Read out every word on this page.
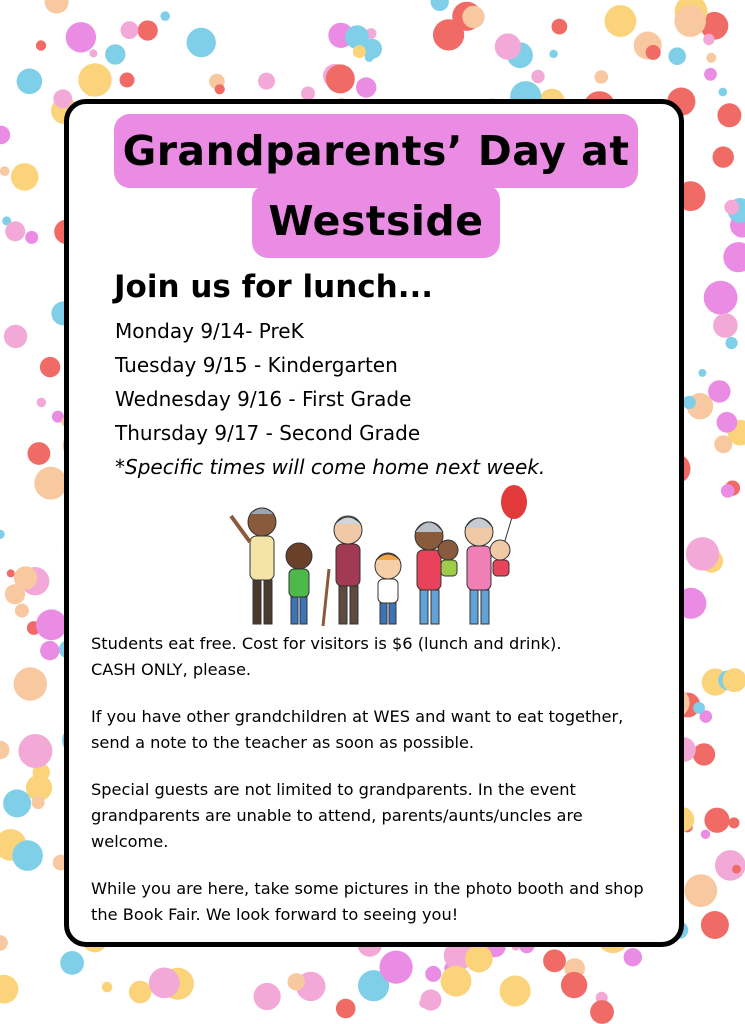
Grandparents’ Day at
Westside
Join us for lunch...
Monday 9/14- PreK
Tuesday 9/15 - Kindergarten
Wednesday 9/16 - First Grade
Thursday 9/17 - Second Grade
*Specific times will come home next week.
Students eat free. Cost for visitors is $6 (lunch and drink).
CASH ONLY, please.
If you have other grandchildren at WES and want to eat together,
send a note to the teacher as soon as possible.
Special guests are not limited to grandparents. In the event
grandparents are unable to attend, parents/aunts/uncles are
welcome.
While you are here, take some pictures in the photo booth and shop
the Book Fair. We look forward to seeing you!
